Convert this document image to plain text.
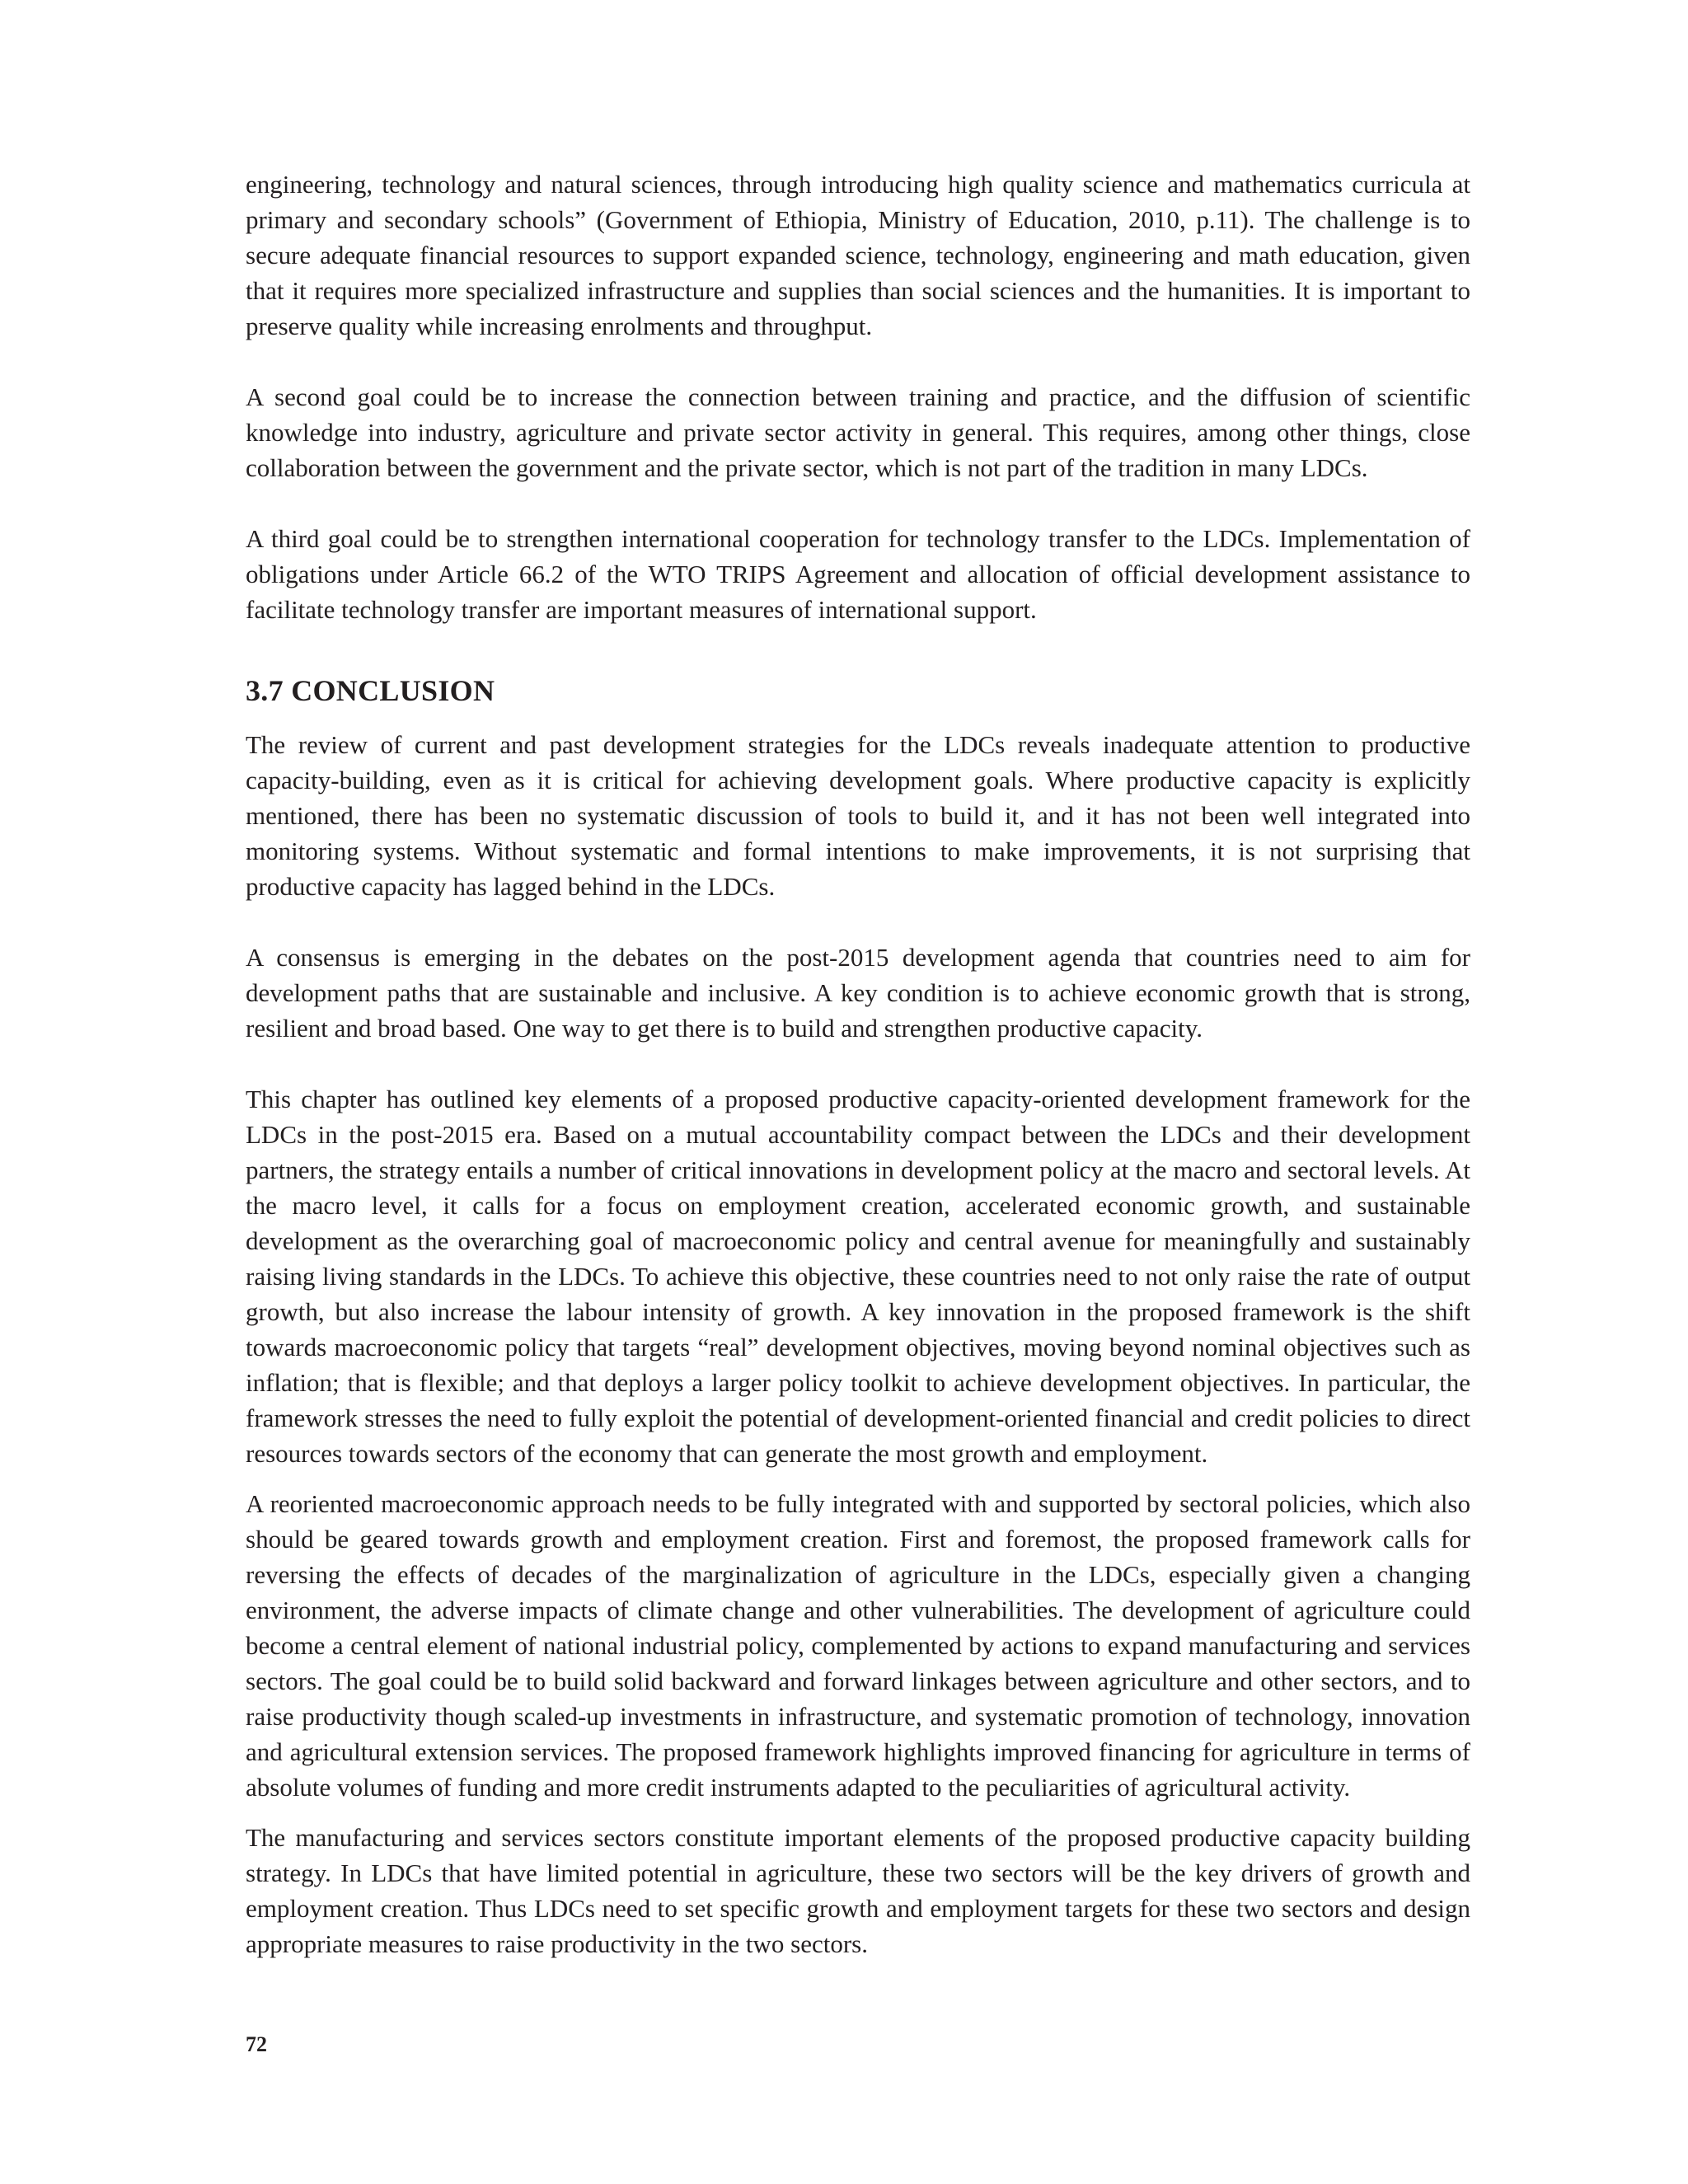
engineering, technology and natural sciences, through introducing high quality science and mathematics curricula at primary and secondary schools” (Government of Ethiopia, Ministry of Education, 2010, p.11). The challenge is to secure adequate financial resources to support expanded science, technology, engineering and math education, given that it requires more specialized infrastructure and supplies than social sciences and the humanities. It is important to preserve quality while increasing enrolments and throughput.

A second goal could be to increase the connection between training and practice, and the diffusion of scientific knowledge into industry, agriculture and private sector activity in general. This requires, among other things, close collaboration between the government and the private sector, which is not part of the tradition in many LDCs.

A third goal could be to strengthen international cooperation for technology transfer to the LDCs. Implementation of obligations under Article 66.2 of the WTO TRIPS Agreement and allocation of official development assistance to facilitate technology transfer are important measures of international support.

3.7 CONCLUSION

The review of current and past development strategies for the LDCs reveals inadequate attention to productive capacity-building, even as it is critical for achieving development goals. Where productive capacity is explicitly mentioned, there has been no systematic discussion of tools to build it, and it has not been well integrated into monitoring systems. Without systematic and formal intentions to make improvements, it is not surprising that productive capacity has lagged behind in the LDCs.

A consensus is emerging in the debates on the post-2015 development agenda that countries need to aim for development paths that are sustainable and inclusive. A key condition is to achieve economic growth that is strong, resilient and broad based. One way to get there is to build and strengthen productive capacity.

This chapter has outlined key elements of a proposed productive capacity-oriented development framework for the LDCs in the post-2015 era. Based on a mutual accountability compact between the LDCs and their development partners, the strategy entails a number of critical innovations in development policy at the macro and sectoral levels. At the macro level, it calls for a focus on employment creation, accelerated economic growth, and sustainable development as the overarching goal of macroeconomic policy and central avenue for meaningfully and sustainably raising living standards in the LDCs. To achieve this objective, these countries need to not only raise the rate of output growth, but also increase the labour intensity of growth. A key innovation in the proposed framework is the shift towards macroeconomic policy that targets “real” development objectives, moving beyond nominal objectives such as inflation; that is flexible; and that deploys a larger policy toolkit to achieve development objectives. In particular, the framework stresses the need to fully exploit the potential of development-oriented financial and credit policies to direct resources towards sectors of the economy that can generate the most growth and employment.

A reoriented macroeconomic approach needs to be fully integrated with and supported by sectoral policies, which also should be geared towards growth and employment creation. First and foremost, the proposed framework calls for reversing the effects of decades of the marginalization of agriculture in the LDCs, especially given a changing environment, the adverse impacts of climate change and other vulnerabilities. The development of agriculture could become a central element of national industrial policy, complemented by actions to expand manufacturing and services sectors. The goal could be to build solid backward and forward linkages between agriculture and other sectors, and to raise productivity though scaled-up investments in infrastructure, and systematic promotion of technology, innovation and agricultural extension services. The proposed framework highlights improved financing for agriculture in terms of absolute volumes of funding and more credit instruments adapted to the peculiarities of agricultural activity.

The manufacturing and services sectors constitute important elements of the proposed productive capacity building strategy. In LDCs that have limited potential in agriculture, these two sectors will be the key drivers of growth and employment creation. Thus LDCs need to set specific growth and employment targets for these two sectors and design appropriate measures to raise productivity in the two sectors.

72
